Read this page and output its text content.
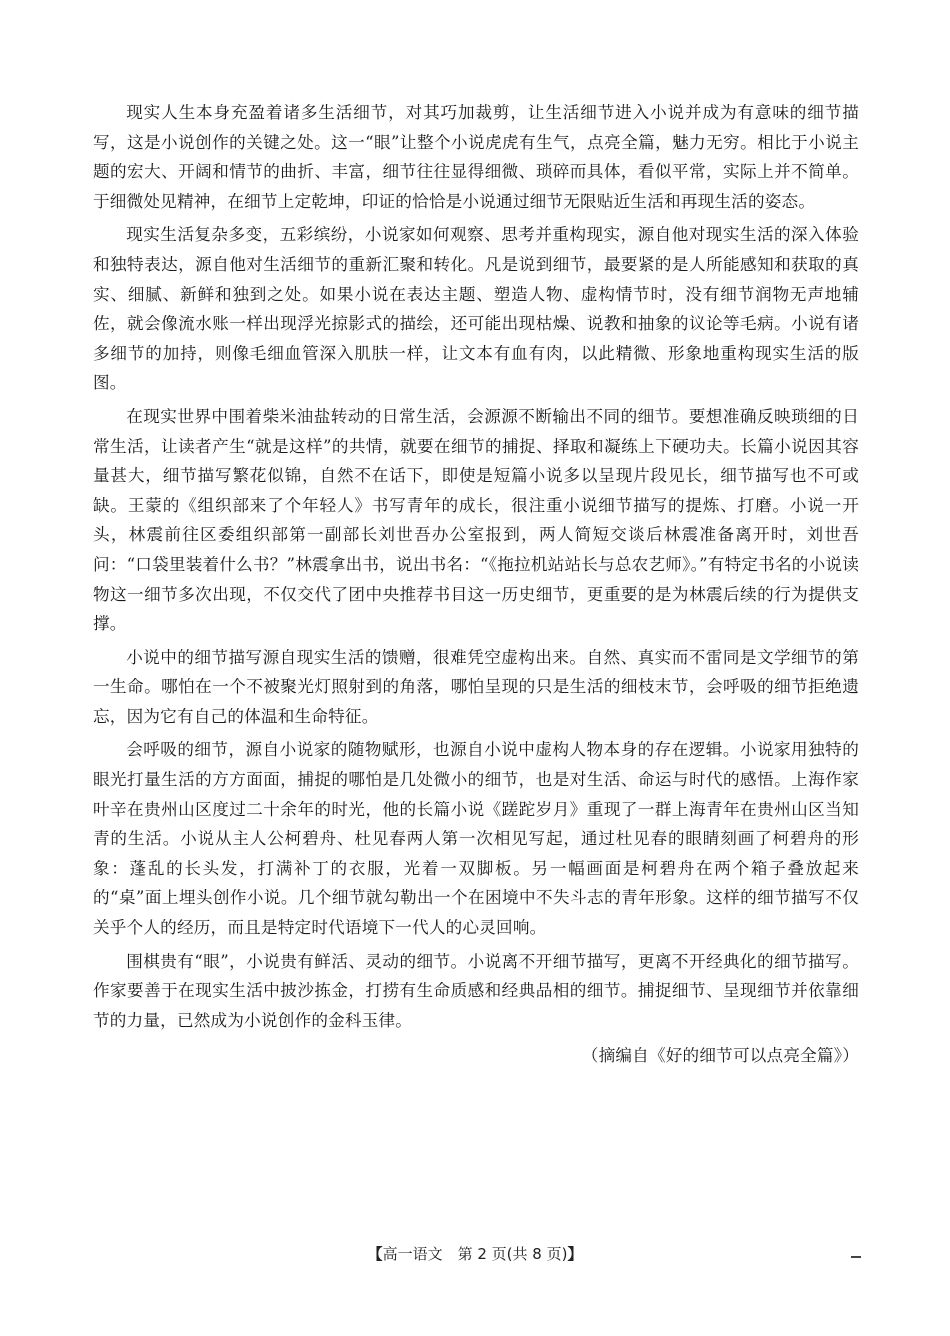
现实人生本身充盈着诸多生活细节，对其巧加裁剪，让生活细节进入小说并成为有意味的细节描写，这是小说创作的关键之处。这一“眼”让整个小说虎虎有生气，点亮全篇，魅力无穷。相比于小说主题的宏大、开阔和情节的曲折、丰富，细节往往显得细微、琐碎而具体，看似平常，实际上并不简单。于细微处见精神，在细节上定乾坤，印证的恰恰是小说通过细节无限贴近生活和再现生活的姿态。

现实生活复杂多变，五彩缤纷，小说家如何观察、思考并重构现实，源自他对现实生活的深入体验和独特表达，源自他对生活细节的重新汇聚和转化。凡是说到细节，最要紧的是人所能感知和获取的真实、细腻、新鲜和独到之处。如果小说在表达主题、塑造人物、虚构情节时，没有细节润物无声地辅佐，就会像流水账一样出现浮光掠影式的描绘，还可能出现枯燥、说教和抽象的议论等毛病。小说有诸多细节的加持，则像毛细血管深入肌肤一样，让文本有血有肉，以此精微、形象地重构现实生活的版图。

在现实世界中围着柴米油盐转动的日常生活，会源源不断输出不同的细节。要想准确反映琐细的日常生活，让读者产生“就是这样”的共情，就要在细节的捕捉、择取和凝练上下硬功夫。长篇小说因其容量甚大，细节描写繁花似锦，自然不在话下，即使是短篇小说多以呈现片段见长，细节描写也不可或缺。王蒙的《组织部来了个年轻人》书写青年的成长，很注重小说细节描写的提炼、打磨。小说一开头，林震前往区委组织部第一副部长刘世吾办公室报到，两人简短交谈后林震准备离开时，刘世吾问：“口袋里装着什么书？”林震拿出书，说出书名：“《拖拉机站站长与总农艺师》。”有特定书名的小说读物这一细节多次出现，不仅交代了团中央推荐书目这一历史细节，更重要的是为林震后续的行为提供支撑。

小说中的细节描写源自现实生活的馈赠，很难凭空虚构出来。自然、真实而不雷同是文学细节的第一生命。哪怕在一个不被聚光灯照射到的角落，哪怕呈现的只是生活的细枝末节，会呼吸的细节拒绝遗忘，因为它有自己的体温和生命特征。

会呼吸的细节，源自小说家的随物赋形，也源自小说中虚构人物本身的存在逻辑。小说家用独特的眼光打量生活的方方面面，捕捉的哪怕是几处微小的细节，也是对生活、命运与时代的感悟。上海作家叶辛在贵州山区度过二十余年的时光，他的长篇小说《蹉跎岁月》重现了一群上海青年在贵州山区当知青的生活。小说从主人公柯碧舟、杜见春两人第一次相见写起，通过杜见春的眼睛刻画了柯碧舟的形象：蓬乱的长头发，打满补丁的衣服，光着一双脚板。另一幅画面是柯碧舟在两个箱子叠放起来的“桌”面上埋头创作小说。几个细节就勾勒出一个在困境中不失斗志的青年形象。这样的细节描写不仅关乎个人的经历，而且是特定时代语境下一代人的心灵回响。

围棋贵有“眼”，小说贵有鲜活、灵动的细节。小说离不开细节描写，更离不开经典化的细节描写。作家要善于在现实生活中披沙拣金，打捞有生命质感和经典品相的细节。捕捉细节、呈现细节并依靠细节的力量，已然成为小说创作的金科玉律。

（摘编自《好的细节可以点亮全篇》）

【高一语文　第 2 页(共 8 页)】
